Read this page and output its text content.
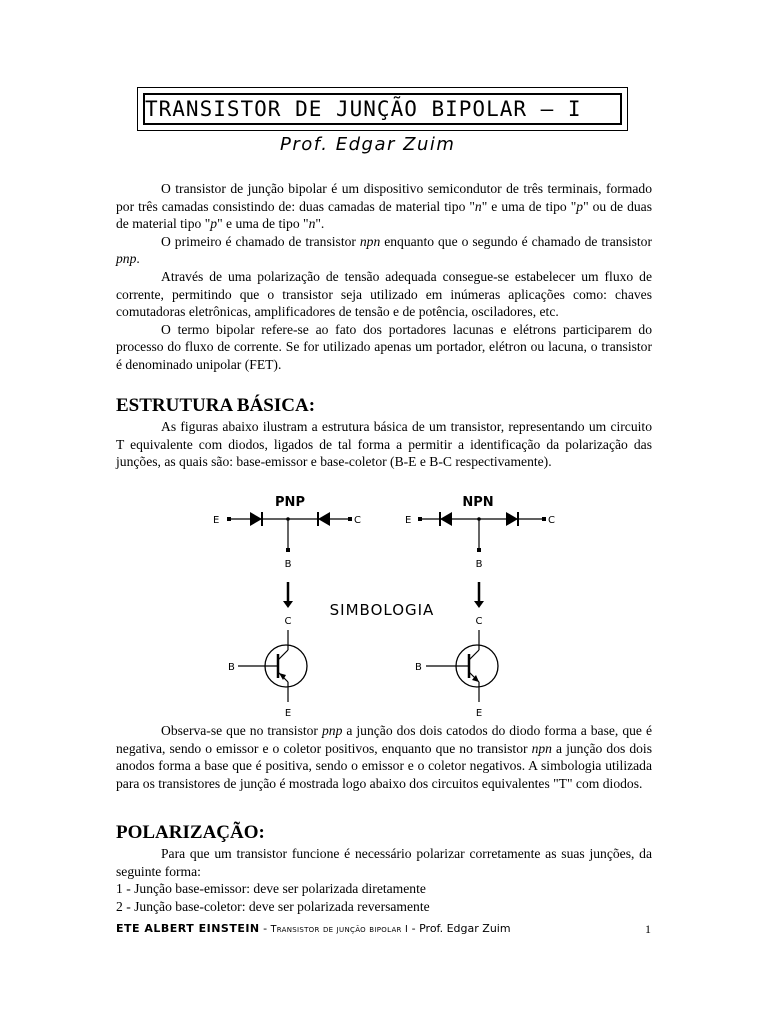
TRANSISTOR DE JUNÇÃO BIPOLAR – I
Prof. Edgar Zuim

O transistor de junção bipolar é um dispositivo semicondutor de três terminais, formado por três camadas consistindo de: duas camadas de material tipo "n" e uma de tipo "p" ou de duas de material tipo "p" e uma de tipo "n".

O primeiro é chamado de transistor npn enquanto que o segundo é chamado de transistor pnp.

Através de uma polarização de tensão adequada consegue-se estabelecer um fluxo de corrente, permitindo que o transistor seja utilizado em inúmeras aplicações como: chaves comutadoras eletrônicas, amplificadores de tensão e de potência, osciladores, etc.

O termo bipolar refere-se ao fato dos portadores lacunas e elétrons participarem do processo do fluxo de corrente. Se for utilizado apenas um portador, elétron ou lacuna, o transistor é denominado unipolar (FET).

ESTRUTURA BÁSICA:

As figuras abaixo ilustram a estrutura básica de um transistor, representando um circuito T equivalente com diodos, ligados de tal forma a permitir a identificação da polarização das junções, as quais são: base-emissor e base-coletor (B-E e B-C respectivamente).

PNP
E	C
B
NPN
E	C
B
SIMBOLOGIA
C
B
E
C
B
E

Observa-se que no transistor pnp a junção dos dois catodos do diodo forma a base, que é negativa, sendo o emissor e o coletor positivos, enquanto que no transistor npn a junção dos dois anodos forma a base que é positiva, sendo o emissor e o coletor negativos. A simbologia utilizada para os transistores de junção é mostrada logo abaixo dos circuitos equivalentes "T" com diodos.

POLARIZAÇÃO:

Para que um transistor funcione é necessário polarizar corretamente as suas junções, da seguinte forma:

1 - Junção base-emissor: deve ser polarizada diretamente

2 - Junção base-coletor: deve ser polarizada reversamente

ETE ALBERT EINSTEIN - Transistor de junção bipolar I - Prof. Edgar Zuim	1
